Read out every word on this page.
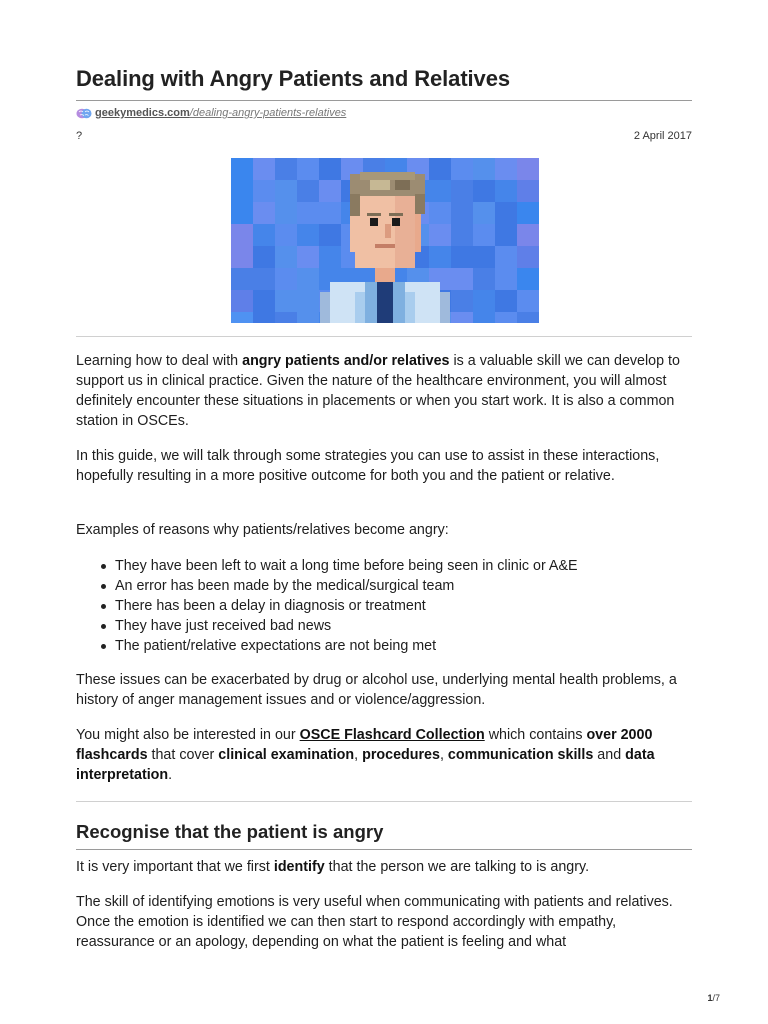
Dealing with Angry Patients and Relatives
geekymedics.com /dealing-angry-patients-relatives
?	2 April 2017

Learning how to deal with angry patients and/or relatives is a valuable skill we can develop to support us in clinical practice. Given the nature of the healthcare environment, you will almost definitely encounter these situations in placements or when you start work. It is also a common station in OSCEs.

In this guide, we will talk through some strategies you can use to assist in these interactions, hopefully resulting in a more positive outcome for both you and the patient or relative.

Examples of reasons why patients/relatives become angry:

They have been left to wait a long time before being seen in clinic or A&E
An error has been made by the medical/surgical team
There has been a delay in diagnosis or treatment
They have just received bad news
The patient/relative expectations are not being met

These issues can be exacerbated by drug or alcohol use, underlying mental health problems, a history of anger management issues and or violence/aggression.

You might also be interested in our OSCE Flashcard Collection which contains over 2000 flashcards that cover clinical examination, procedures, communication skills and data interpretation.

Recognise that the patient is angry

It is very important that we first identify that the person we are talking to is angry.

The skill of identifying emotions is very useful when communicating with patients and relatives. Once the emotion is identified we can then start to respond accordingly with empathy, reassurance or an apology, depending on what the patient is feeling and what

1/7
